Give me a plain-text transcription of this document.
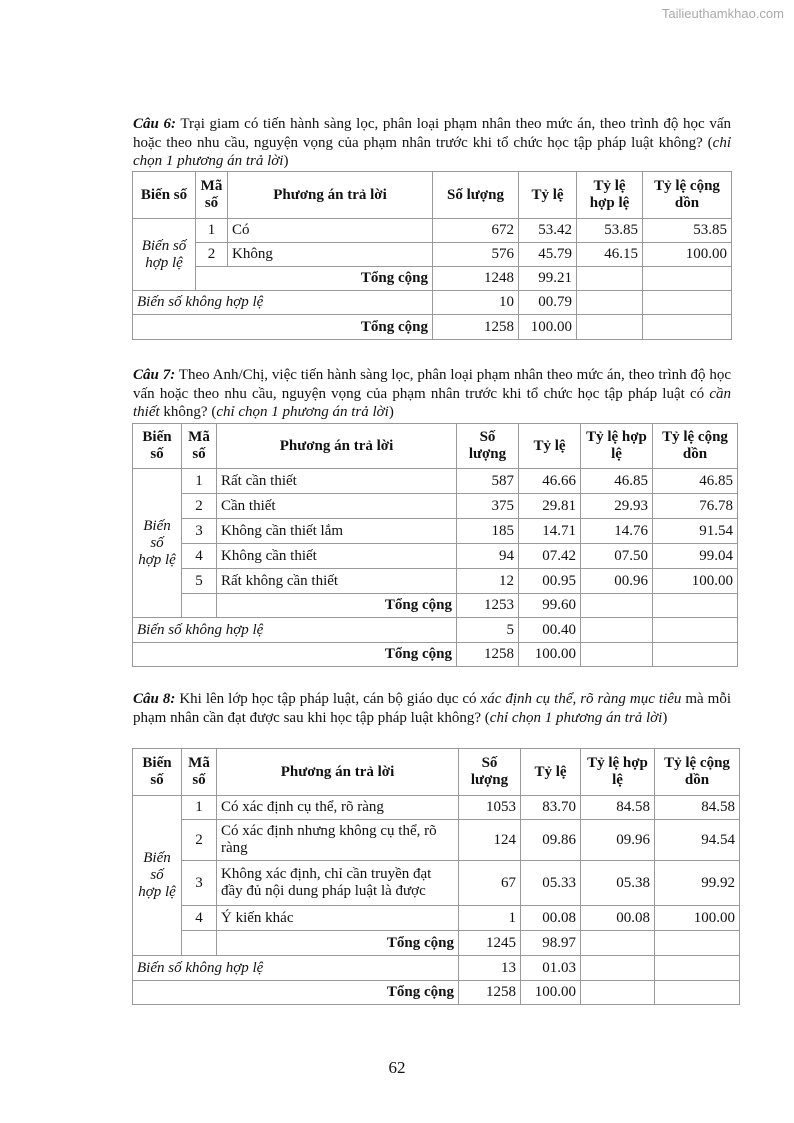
Tailieuthamkhao.com
Câu 6: Trại giam có tiến hành sàng lọc, phân loại phạm nhân theo mức án, theo trình độ học vấn hoặc theo nhu cầu, nguyện vọng của phạm nhân trước khi tổ chức học tập pháp luật không? (chỉ chọn 1 phương án trả lời)
Biến số	Mã số	Phương án trả lời	Số lượng	Tỷ lệ	Tỷ lệ hợp lệ	Tỷ lệ cộng dồn
Biến số hợp lệ	1	Có	672	53.42	53.85	53.85
	2	Không	576	45.79	46.15	100.00
	Tổng cộng		1248	99.21		
Biến số không hợp lệ			10	00.79		
Tổng cộng			1258	100.00		
Câu 7: Theo Anh/Chị, việc tiến hành sàng lọc, phân loại phạm nhân theo mức án, theo trình độ học vấn hoặc theo nhu cầu, nguyện vọng của phạm nhân trước khi tổ chức học tập pháp luật có cần thiết không? (chỉ chọn 1 phương án trả lời)
Biến số	Mã số	Phương án trả lời	Số lượng	Tỷ lệ	Tỷ lệ hợp lệ	Tỷ lệ cộng dồn
Biến số hợp lệ	1	Rất cần thiết	587	46.66	46.85	46.85
	2	Cần thiết	375	29.81	29.93	76.78
	3	Không cần thiết lắm	185	14.71	14.76	91.54
	4	Không cần thiết	94	07.42	07.50	99.04
	5	Rất không cần thiết	12	00.95	00.96	100.00
		Tổng cộng	1253	99.60		
Biến số không hợp lệ			5	00.40		
Tổng cộng			1258	100.00		
Câu 8: Khi lên lớp học tập pháp luật, cán bộ giáo dục có xác định cụ thể, rõ ràng mục tiêu mà mỗi phạm nhân cần đạt được sau khi học tập pháp luật không? (chỉ chọn 1 phương án trả lời)
Biến số	Mã số	Phương án trả lời	Số lượng	Tỷ lệ	Tỷ lệ hợp lệ	Tỷ lệ cộng dồn
Biến số hợp lệ	1	Có xác định cụ thể, rõ ràng	1053	83.70	84.58	84.58
	2	Có xác định nhưng không cụ thể, rõ ràng	124	09.86	09.96	94.54
	3	Không xác định, chỉ cần truyền đạt đầy đủ nội dung pháp luật là được	67	05.33	05.38	99.92
	4	Ý kiến khác	1	00.08	00.08	100.00
		Tổng cộng	1245	98.97		
Biến số không hợp lệ			13	01.03		
Tổng cộng			1258	100.00		
62
